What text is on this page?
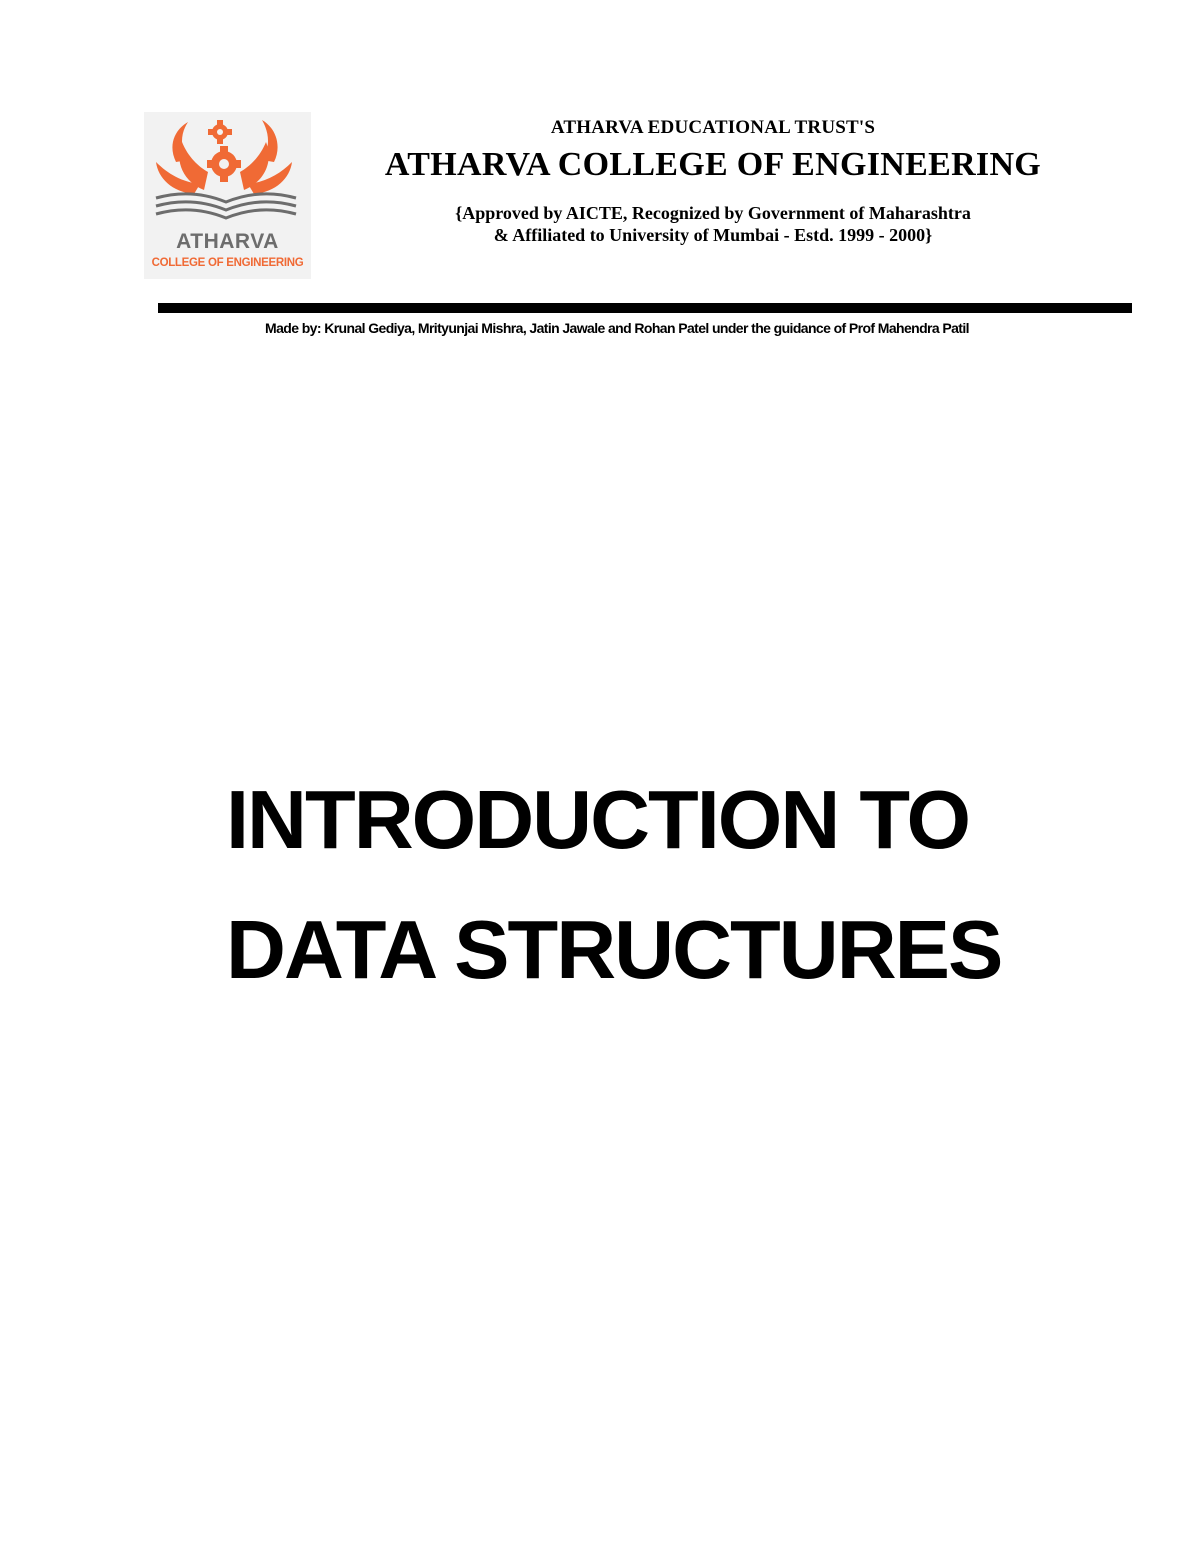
ATHARVA
COLLEGE OF ENGINEERING
ATHARVA EDUCATIONAL TRUST'S
ATHARVA COLLEGE OF ENGINEERING
{Approved by AICTE, Recognized by Government of Maharashtra
& Affiliated to University of Mumbai - Estd. 1999 - 2000}
Made by: Krunal Gediya, Mrityunjai Mishra, Jatin Jawale and Rohan Patel under the guidance of Prof Mahendra Patil
INTRODUCTION TO
DATA STRUCTURES
